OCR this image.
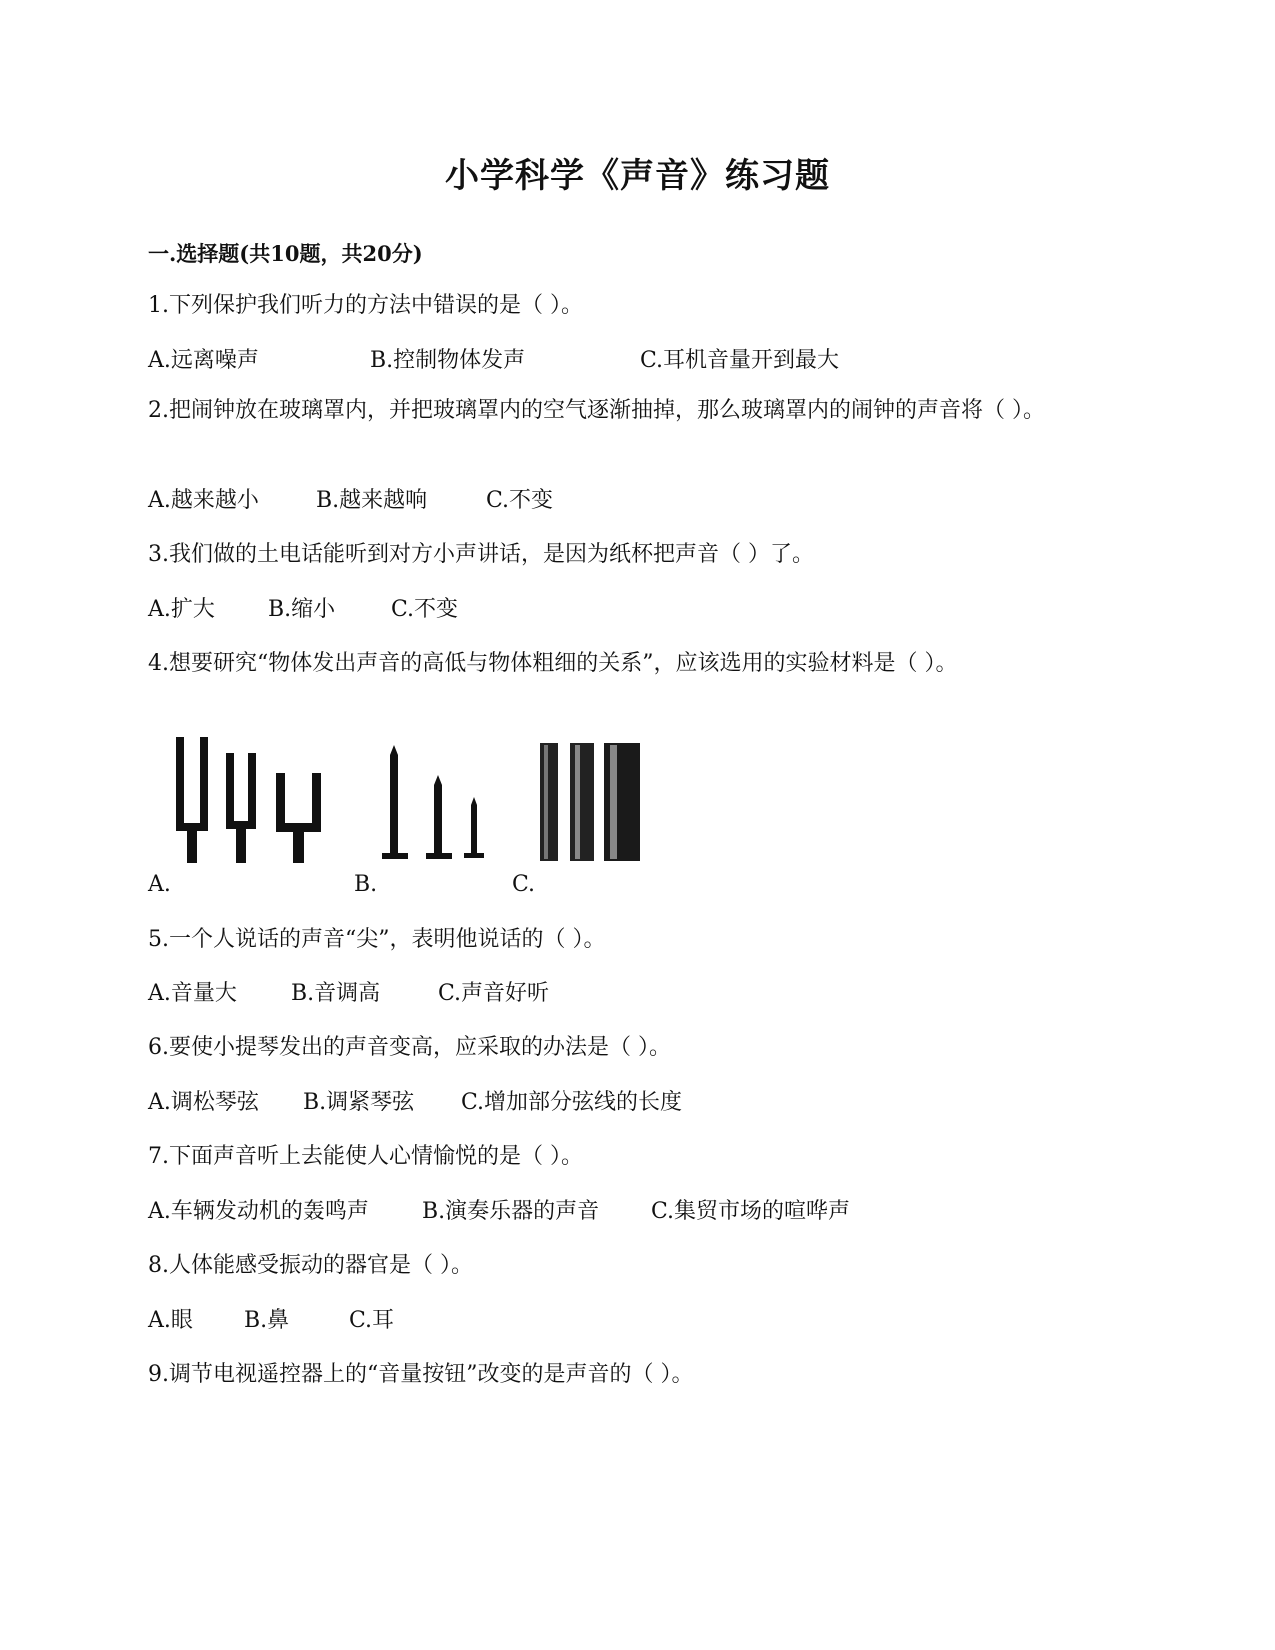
小学科学《声音》练习题
一.选择题(共10题，共20分)
1.下列保护我们听力的方法中错误的是（ ）。
A.远离噪声	B.控制物体发声	C.耳机音量开到最大
2.把闹钟放在玻璃罩内，并把玻璃罩内的空气逐渐抽掉，那么玻璃罩内的闹钟的声音将（ ）。
A.越来越小	B.越来越响	C.不变
3.我们做的土电话能听到对方小声讲话，是因为纸杯把声音（ ）了。
A.扩大 B.缩小	C.不变
4.想要研究“物体发出声音的高低与物体粗细的关系”，应该选用的实验材料是（ ）。
A.	B.	C.
5.一个人说话的声音“尖”，表明他说话的（ ）。
A.音量大 B.音调高	C.声音好听
6.要使小提琴发出的声音变高，应采取的办法是（ ）。
A.调松琴弦 B.调紧琴弦 C.增加部分弦线的长度
7.下面声音听上去能使人心情愉悦的是（ ）。
A.车辆发动机的轰鸣声 B.演奏乐器的声音 C.集贸市场的喧哗声
8.人体能感受振动的器官是（ ）。
A.眼 B.鼻	C.耳
9.调节电视遥控器上的“音量按钮”改变的是声音的（ ）。
